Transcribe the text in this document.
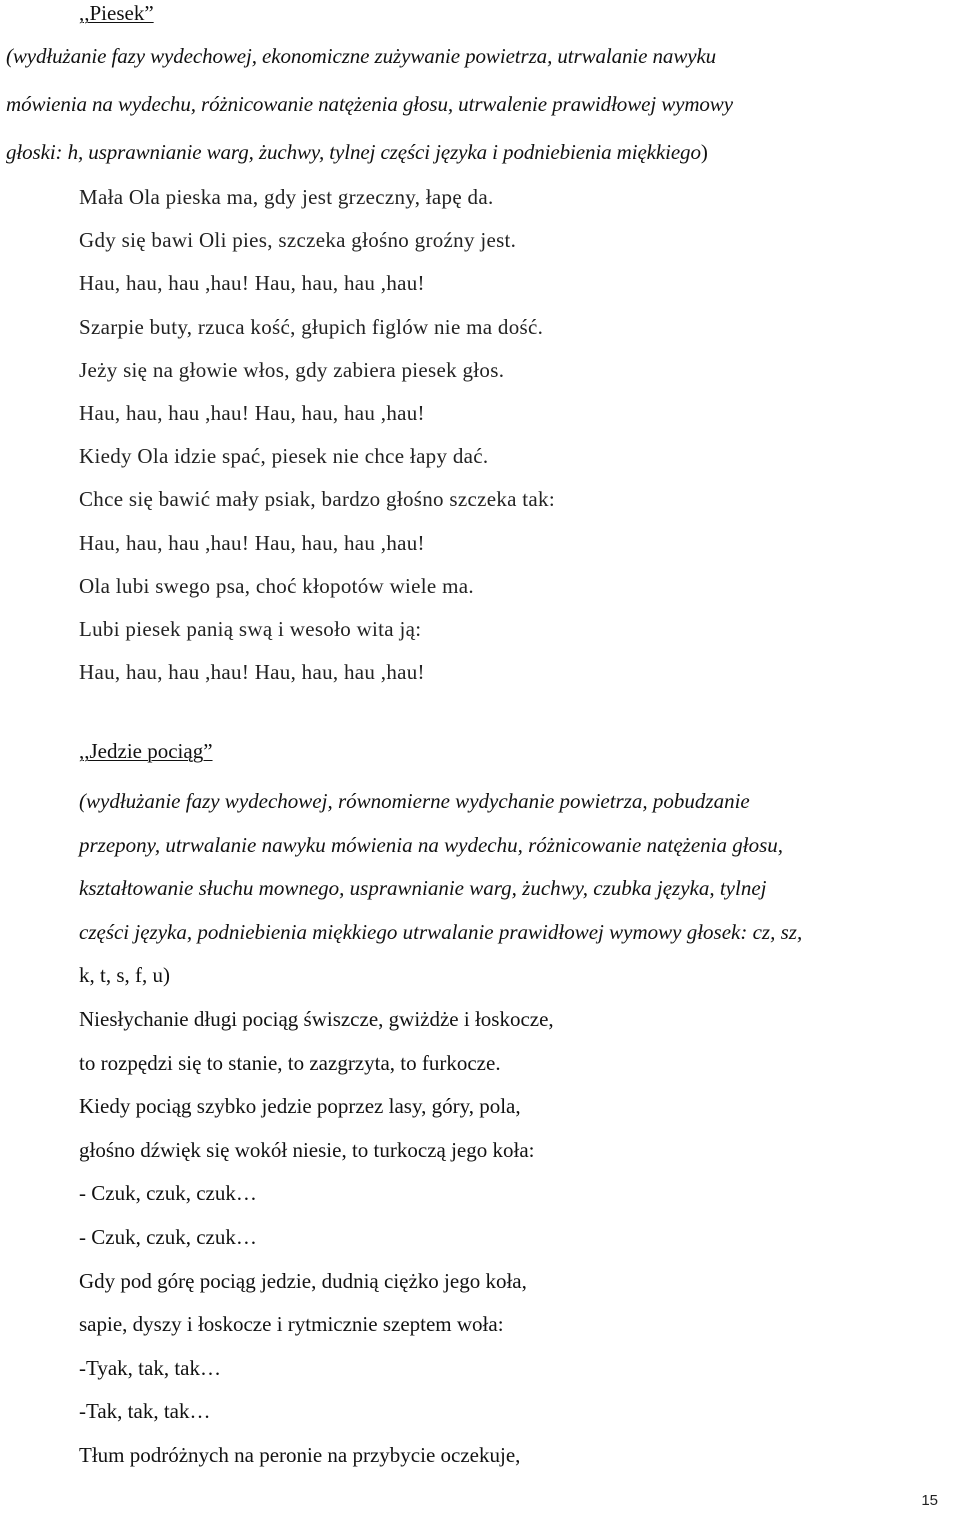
,,Piesek”
(wydłużanie fazy wydechowej, ekonomiczne zużywanie powietrza, utrwalanie nawyku
mówienia na wydechu, różnicowanie natężenia głosu, utrwalenie prawidłowej wymowy
głoski: h, usprawnianie warg, żuchwy, tylnej części języka i podniebienia miękkiego)
Mała Ola pieska ma, gdy jest grzeczny, łapę da.
Gdy się bawi Oli pies, szczeka głośno groźny jest.
Hau, hau, hau ,hau! Hau, hau, hau ,hau!
Szarpie buty, rzuca kość, głupich figlów nie ma dość.
Jeży się na głowie włos, gdy zabiera piesek głos.
Hau, hau, hau ,hau! Hau, hau, hau ,hau!
Kiedy Ola idzie spać, piesek nie chce łapy dać.
Chce się bawić mały psiak, bardzo głośno szczeka tak:
Hau, hau, hau ,hau! Hau, hau, hau ,hau!
Ola lubi swego psa, choć kłopotów wiele ma.
Lubi piesek panią swą i wesoło wita ją:
Hau, hau, hau ,hau! Hau, hau, hau ,hau!
,,Jedzie pociąg”
(wydłużanie fazy wydechowej, równomierne wydychanie powietrza, pobudzanie
przepony, utrwalanie nawyku mówienia na wydechu, różnicowanie natężenia głosu,
kształtowanie słuchu mownego, usprawnianie warg, żuchwy, czubka języka, tylnej
części języka, podniebienia miękkiego utrwalanie prawidłowej wymowy głosek: cz, sz,
k, t, s, f, u)
Niesłychanie długi pociąg świszcze, gwiżdże i łoskocze,
to rozpędzi się to stanie, to zazgrzyta, to furkocze.
Kiedy pociąg szybko jedzie poprzez lasy, góry, pola,
głośno dźwięk się wokół niesie, to turkoczą jego koła:
- Czuk, czuk, czuk…
- Czuk, czuk, czuk…
Gdy pod górę pociąg jedzie, dudnią ciężko jego koła,
sapie, dyszy i łoskocze i rytmicznie szeptem woła:
-Tyak, tak, tak…
-Tak, tak, tak…
Tłum podróżnych na peronie na przybycie oczekuje,
15
